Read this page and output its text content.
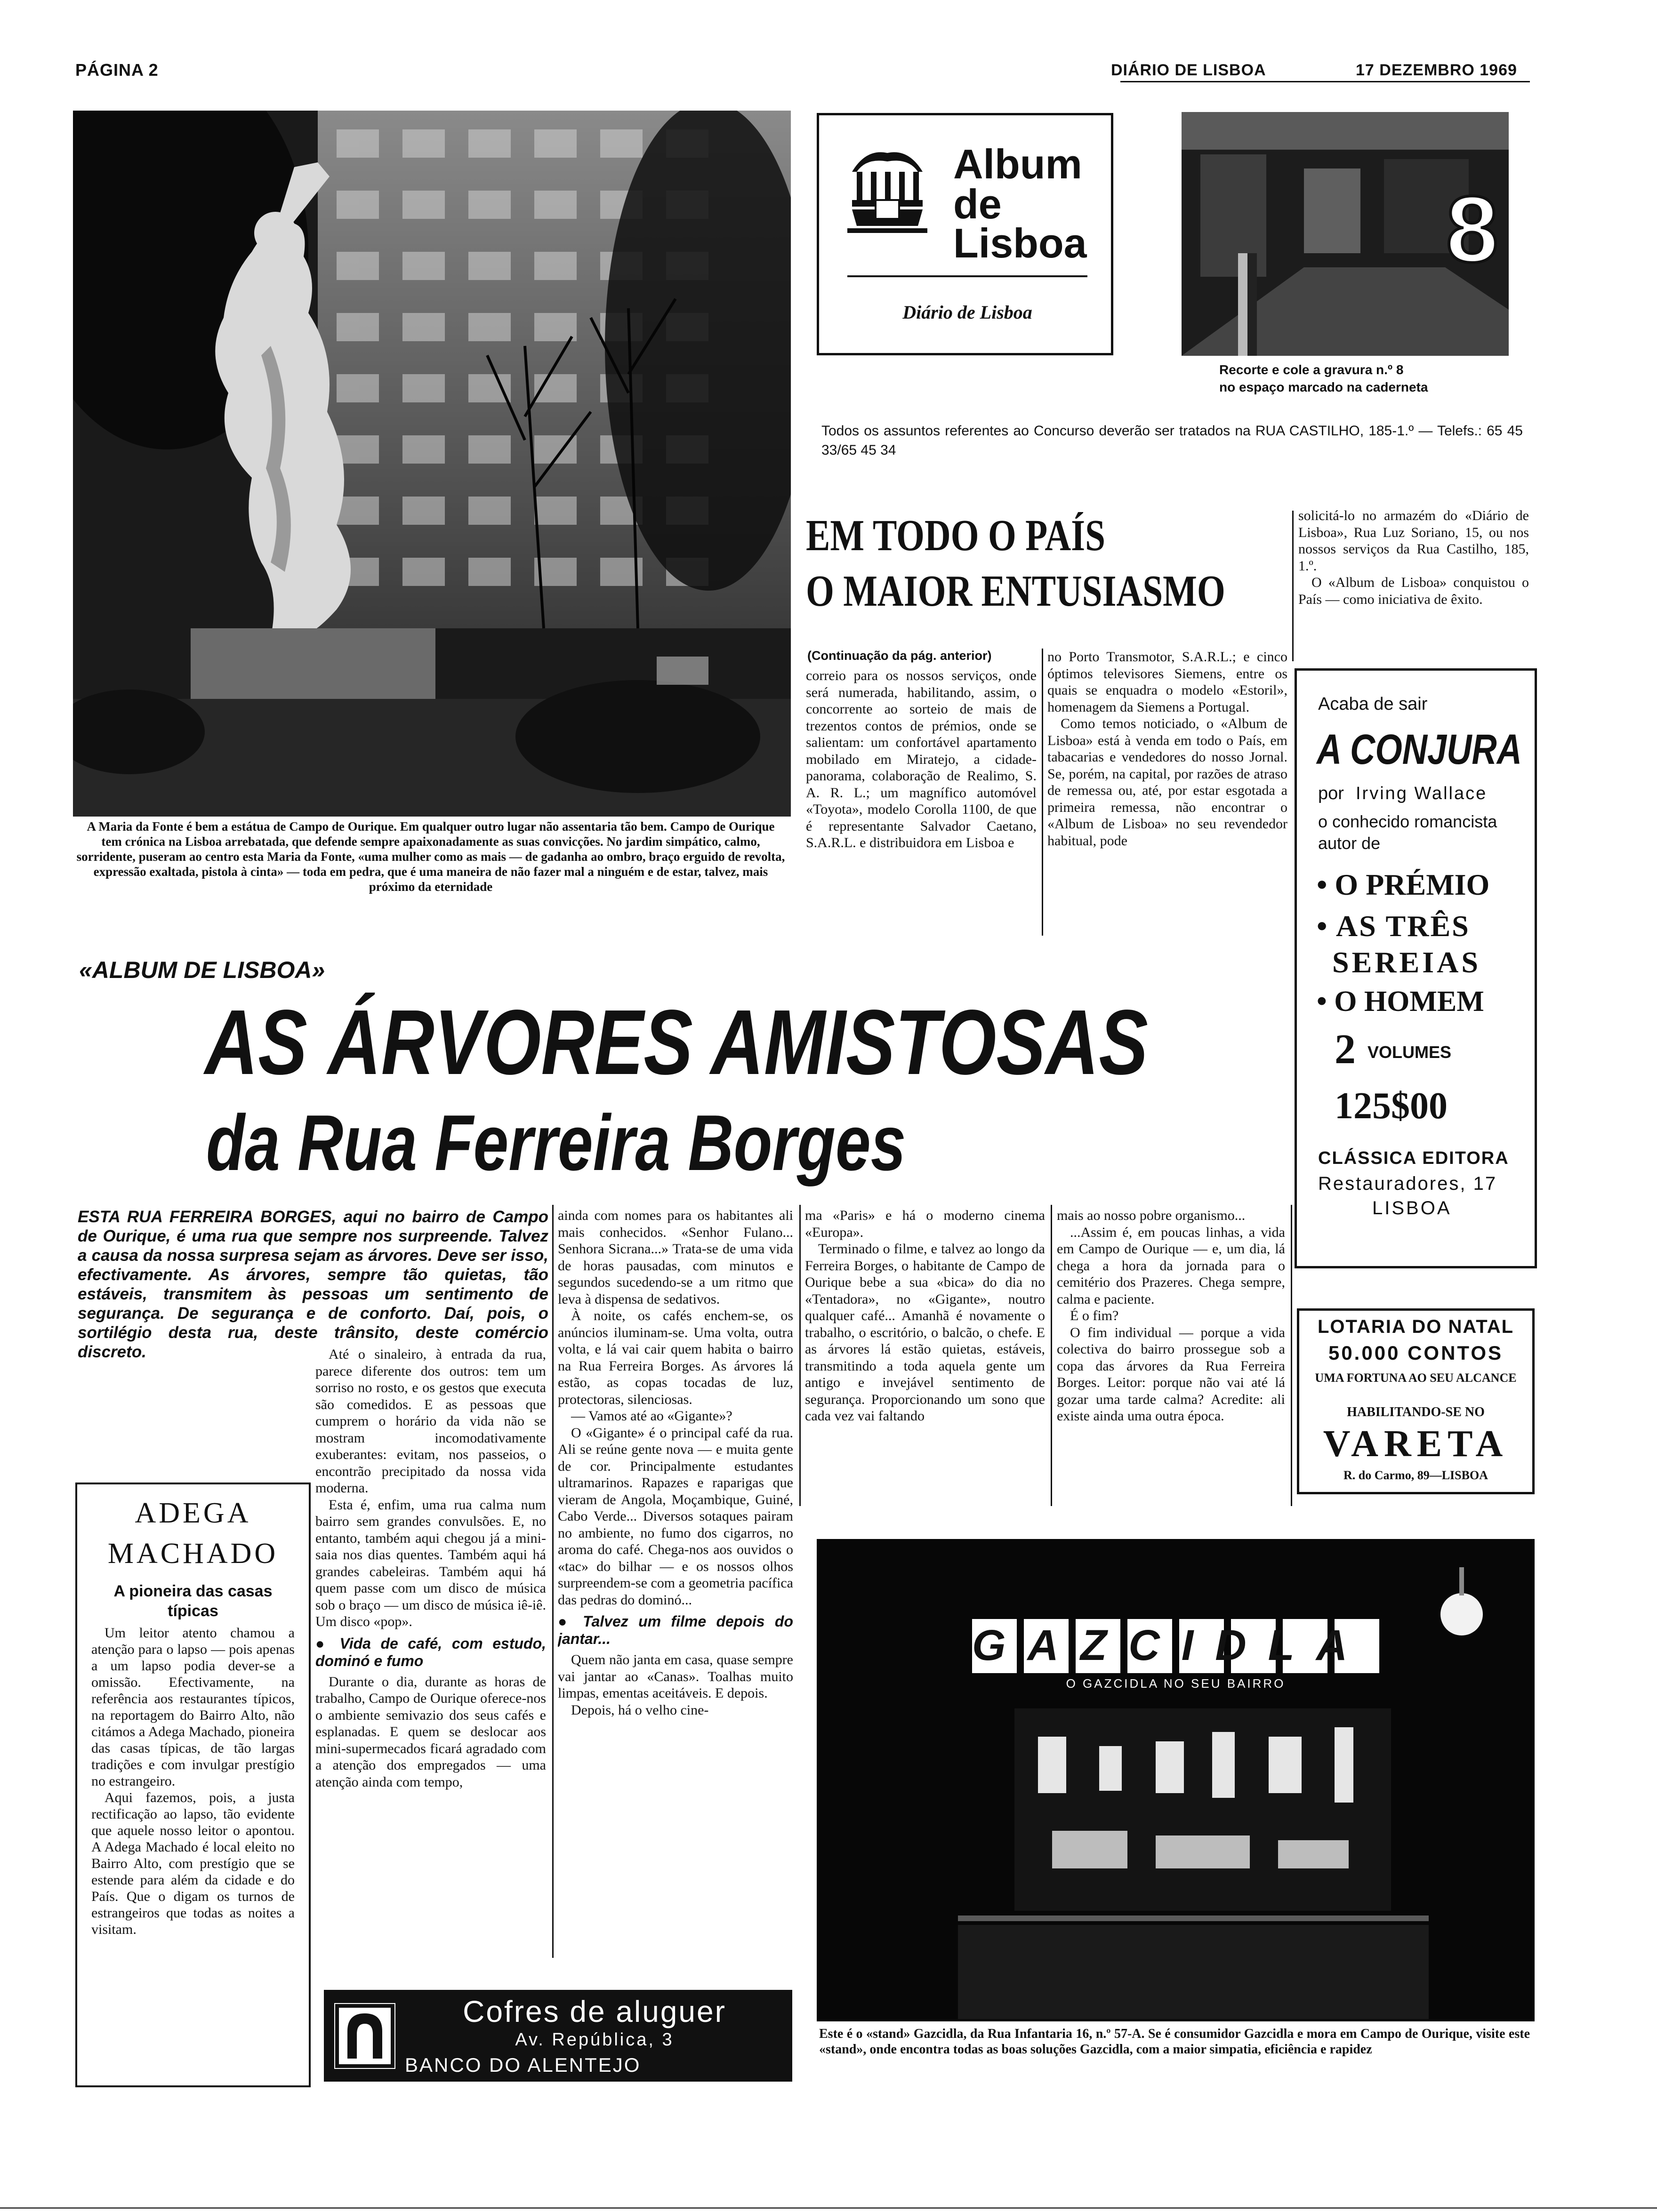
PÁGINA 2	DIÁRIO DE LISBOA	17 DEZEMBRO 1969
A Maria da Fonte é bem a estátua de Campo de Ourique. Em qualquer outro lugar não assentaria tão bem. Campo de Ourique tem crónica na Lisboa arrebatada, que defende sempre apaixonadamente as suas convicções. No jardim simpático, calmo, sorridente, puseram ao centro esta Maria da Fonte, «uma mulher como as mais — de gadanha ao ombro, braço erguido de revolta, expressão exaltada, pistola à cinta» — toda em pedra, que é uma maneira de não fazer mal a ninguém e de estar, talvez, mais próximo da eternidade
Album
de
Lisboa
Diário de Lisboa
8
Recorte e cole a gravura n.º 8
no espaço marcado na caderneta
Todos os assuntos referentes ao Concurso deverão ser tratados na RUA CASTILHO, 185-1.º — Telefs.: 65 45 33/65 45 34
EM TODO O PAÍS
O MAIOR ENTUSIASMO
(Continuação da pág. anterior)

correio para os nossos serviços, onde será numerada, habilitando, assim, o concorrente ao sorteio de mais de trezentos contos de prémios, onde se salientam: um confortável apartamento mobilado em Miratejo, a cidade-panorama, colaboração de Realimo, S. A. R. L.; um magnífico automóvel «Toyota», modelo Corolla 1100, de que é representante Salvador Caetano, S.A.R.L. e distribuidora em Lisboa e

no Porto Transmotor, S.A.R.L.; e cinco óptimos televisores Siemens, entre os quais se enquadra o modelo «Estoril», homenagem da Siemens a Portugal.

Como temos noticiado, o «Album de Lisboa» está à venda em todo o País, em tabacarias e vendedores do nosso Jornal. Se, porém, na capital, por razões de atraso de remessa ou, até, por estar esgotada a primeira remessa, não encontrar o «Album de Lisboa» no seu revendedor habitual, pode

solicitá-lo no armazém do «Diário de Lisboa», Rua Luz Soriano, 15, ou nos nossos serviços da Rua Castilho, 185, 1.º.

O «Album de Lisboa» conquistou o País — como iniciativa de êxito.

Acaba de sair
A CONJURA
por Irving Wallace
o conhecido romancista autor de
• O PRÉMIO
• AS TRÊS
SEREIAS
• O HOMEM
2 VOLUMES
125$00
CLÁSSICA EDITORA
Restauradores, 17
LISBOA
LOTARIA DO NATAL
50.000 CONTOS
UMA FORTUNA AO SEU ALCANCE
HABILITANDO-SE NO
VARETA
R. do Carmo, 89—LISBOA
«ALBUM DE LISBOA»
AS ÁRVORES AMISTOSAS
da Rua Ferreira Borges
ESTA RUA FERREIRA BORGES, aqui no bairro de Campo de Ourique, é uma rua que sempre nos surpreende. Talvez a causa da nossa surpresa sejam as árvores. Deve ser isso, efectivamente. As árvores, sempre tão quietas, tão estáveis, transmitem às pessoas um sentimento de segurança. De segurança e de conforto. Daí, pois, o sortilégio desta rua, deste trânsito, deste comércio discreto.	Até o sinaleiro, à entrada da rua, parece diferente dos outros: tem um sorriso no rosto, e os gestos que executa são comedidos. E as pessoas que cumprem o horário da vida não se mostram incomodativamente exuberantes: evitam, nos passeios, o encontrão precipitado da nossa vida moderna.

Esta é, enfim, uma rua calma num bairro sem grandes convulsões. E, no entanto, também aqui chegou já a mini-saia nos dias quentes. Também aqui há grandes cabeleiras. Também aqui há quem passe com um disco de música sob o braço — um disco de música iê-iê. Um disco «pop».

● Vida de café, com estudo, dominó e fumo

Durante o dia, durante as horas de trabalho, Campo de Ourique oferece-nos o ambiente semivazio dos seus cafés e esplanadas. E quem se deslocar aos mini-supermecados ficará agradado com a atenção dos empregados — uma atenção ainda com tempo,

ainda com nomes para os habitantes ali mais conhecidos. «Senhor Fulano... Senhora Sicrana...» Trata-se de uma vida de horas pausadas, com minutos e segundos sucedendo-se a um ritmo que leva à dispensa de sedativos.

À noite, os cafés enchem-se, os anúncios iluminam-se. Uma volta, outra volta, e lá vai cair quem habita o bairro na Rua Ferreira Borges. As árvores lá estão, as copas tocadas de luz, protectoras, silenciosas.

— Vamos até ao «Gigante»?

O «Gigante» é o principal café da rua. Ali se reúne gente nova — e muita gente de cor. Principalmente estudantes ultramarinos. Rapazes e raparigas que vieram de Angola, Moçambique, Guiné, Cabo Verde... Diversos sotaques pairam no ambiente, no fumo dos cigarros, no aroma do café. Chega-nos aos ouvidos o «tac» do bilhar — e os nossos olhos surpreendem-se com a geometria pacífica das pedras do dominó...

● Talvez um filme depois do jantar...

Quem não janta em casa, quase sempre vai jantar ao «Canas». Toalhas muito limpas, ementas aceitáveis. E depois.

Depois, há o velho cine-

ma «Paris» e há o moderno cinema «Europa».

Terminado o filme, e talvez ao longo da Ferreira Borges, o habitante de Campo de Ourique bebe a sua «bica» do dia no «Tentadora», no «Gigante», noutro qualquer café... Amanhã é novamente o trabalho, o escritório, o balcão, o chefe. E as árvores lá estão quietas, estáveis, transmitindo a toda aquela gente um antigo e invejável sentimento de segurança. Proporcionando um sono que cada vez vai faltando

mais ao nosso pobre organismo...

...Assim é, em poucas linhas, a vida em Campo de Ourique — e, um dia, lá chega a hora da jornada para o cemitério dos Prazeres. Chega sempre, calma e paciente.

É o fim?

O fim individual — porque a vida colectiva do bairro prossegue sob a copa das árvores da Rua Ferreira Borges. Leitor: porque não vai até lá gozar uma tarde calma? Acredite: ali existe ainda uma outra época.

ADEGA
MACHADO
A pioneira das casas típicas

Um leitor atento chamou a atenção para o lapso — pois apenas a um lapso podia dever-se a omissão. Efectivamente, na referência aos restaurantes típicos, na reportagem do Bairro Alto, não citámos a Adega Machado, pioneira das casas típicas, de tão largas tradições e com invulgar prestígio no estrangeiro.

Aqui fazemos, pois, a justa rectificação ao lapso, tão evidente que aquele nosso leitor o apontou. A Adega Machado é local eleito no Bairro Alto, com prestígio que se estende para além da cidade e do País. Que o digam os turnos de estrangeiros que todas as noites a visitam.

Cofres de aluguer
Av. República, 3
BANCO DO ALENTEJO
GAZCIDLA
O GAZCIDLA NO SEU BAIRRO
Este é o «stand» Gazcidla, da Rua Infantaria 16, n.º 57-A. Se é consumidor Gazcidla e mora em Campo de Ourique, visite este «stand», onde encontra todas as boas soluções Gazcidla, com a maior simpatia, eficiência e rapidez
